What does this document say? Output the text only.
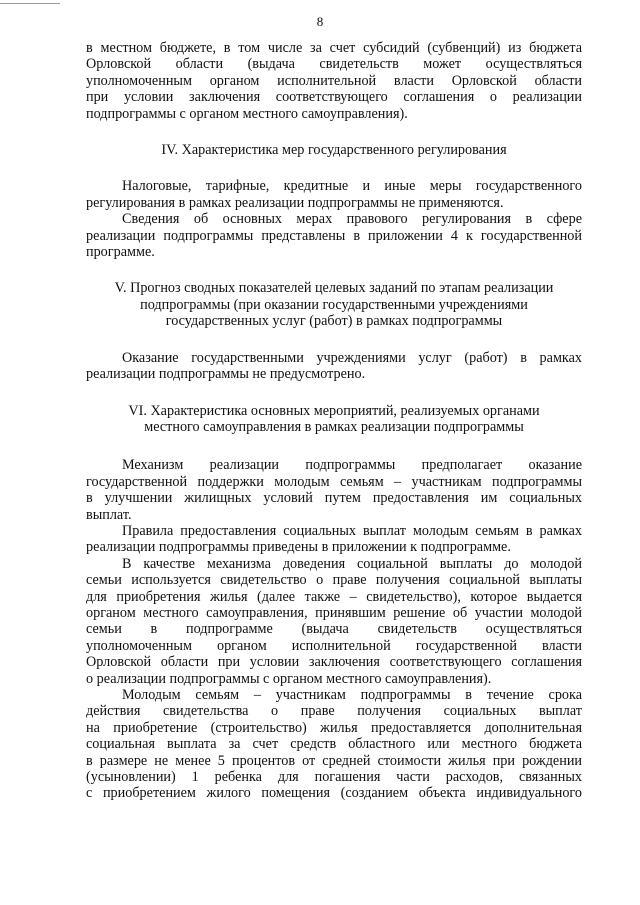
8

в местном бюджете, в том числе за счет субсидий (субвенций) из бюджета

Орловской области (выдача свидетельств может осуществляться

уполномоченным органом исполнительной власти Орловской области

при условии заключения соответствующего соглашения о реализации

подпрограммы с органом местного самоуправления).

IV. Характеристика мер государственного регулирования

Налоговые, тарифные, кредитные и иные меры государственного

регулирования в рамках реализации подпрограммы не применяются.

Сведения об основных мерах правового регулирования в сфере

реализации подпрограммы представлены в приложении 4 к государственной

программе.

V. Прогноз сводных показателей целевых заданий по этапам реализации

подпрограммы (при оказании государственными учреждениями

государственных услуг (работ) в рамках подпрограммы

Оказание государственными учреждениями услуг (работ) в рамках

реализации подпрограммы не предусмотрено.

VI. Характеристика основных мероприятий, реализуемых органами

местного самоуправления в рамках реализации подпрограммы

Механизм реализации подпрограммы предполагает оказание

государственной поддержки молодым семьям – участникам подпрограммы

в улучшении жилищных условий путем предоставления им социальных

выплат.

Правила предоставления социальных выплат молодым семьям в рамках

реализации подпрограммы приведены в приложении к подпрограмме.

В качестве механизма доведения социальной выплаты до молодой

семьи используется свидетельство о праве получения социальной выплаты

для приобретения жилья (далее также – свидетельство), которое выдается

органом местного самоуправления, принявшим решение об участии молодой

семьи в подпрограмме (выдача свидетельств осуществляться

уполномоченным органом исполнительной государственной власти

Орловской области при условии заключения соответствующего соглашения

о реализации подпрограммы с органом местного самоуправления).

Молодым семьям – участникам подпрограммы в течение срока

действия свидетельства о праве получения социальных выплат

на приобретение (строительство) жилья предоставляется дополнительная

социальная выплата за счет средств областного или местного бюджета

в размере не менее 5 процентов от средней стоимости жилья при рождении

(усыновлении) 1 ребенка для погашения части расходов, связанных

с приобретением жилого помещения (созданием объекта индивидуального
